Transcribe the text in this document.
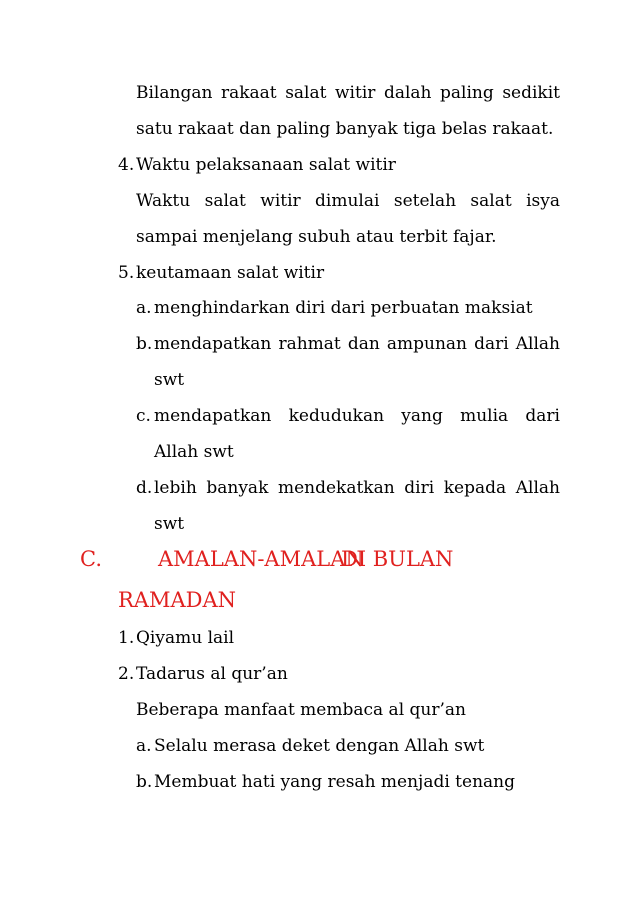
Bilangan rakaat salat witir dalah paling sedikit
satu rakaat dan paling banyak tiga belas rakaat.
4. Waktu pelaksanaan salat witir
Waktu salat witir dimulai setelah salat isya
sampai menjelang subuh atau terbit fajar.
5. keutamaan salat witir
a. menghindarkan diri dari perbuatan maksiat
b. mendapatkan rahmat dan ampunan dari Allah
swt
c. mendapatkan kedudukan yang mulia dari
Allah swt
d. lebih banyak mendekatkan diri kepada Allah
swt
C.	AMALAN-AMALAN
DI BULAN
RAMADAN
1. Qiyamu lail
2. Tadarus al qur’an
Beberapa manfaat membaca al qur’an
a. Selalu merasa deket dengan Allah swt
b. Membuat hati yang resah menjadi tenang
